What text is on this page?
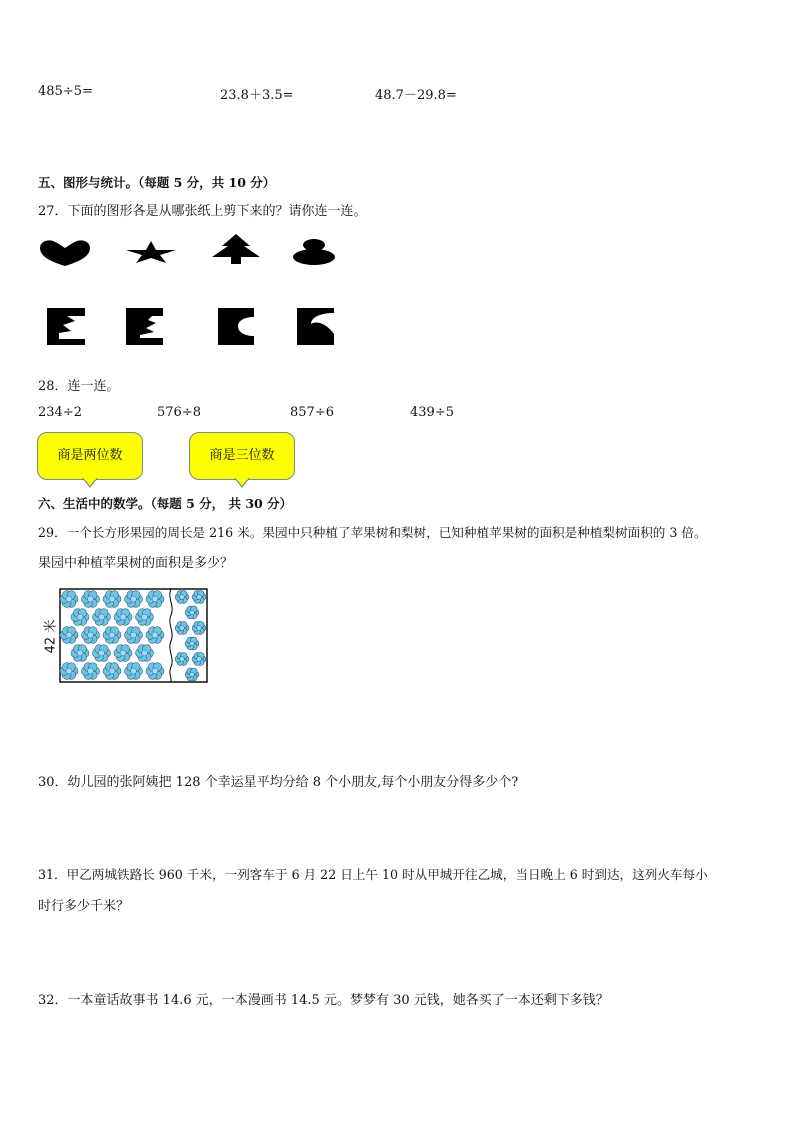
485÷5=	23.8＋3.5=	48.7－29.8=
五、图形与统计。（每题 5 分，共 10 分）
27．下面的图形各是从哪张纸上剪下来的？请你连一连。
28．连一连。
234÷2	576÷8	857÷6	439÷5
商是两位数	商是三位数
六、生活中的数学。（每题 5 分， 共 30 分）
29．一个长方形果园的周长是 216 米。果园中只种植了苹果树和梨树，已知种植苹果树的面积是种植梨树面积的 3 倍。
果园中种植苹果树的面积是多少？
42 米
30．幼儿园的张阿姨把 128 个幸运星平均分给 8 个小朋友,每个小朋友分得多少个?
31．甲乙两城铁路长 960 千米，一列客车于 6 月 22 日上午 10 时从甲城开往乙城，当日晚上 6 时到达，这列火车每小
时行多少千米？
32．一本童话故事书 14.6 元，一本漫画书 14.5 元。梦梦有 30 元钱，她各买了一本还剩下多钱？
